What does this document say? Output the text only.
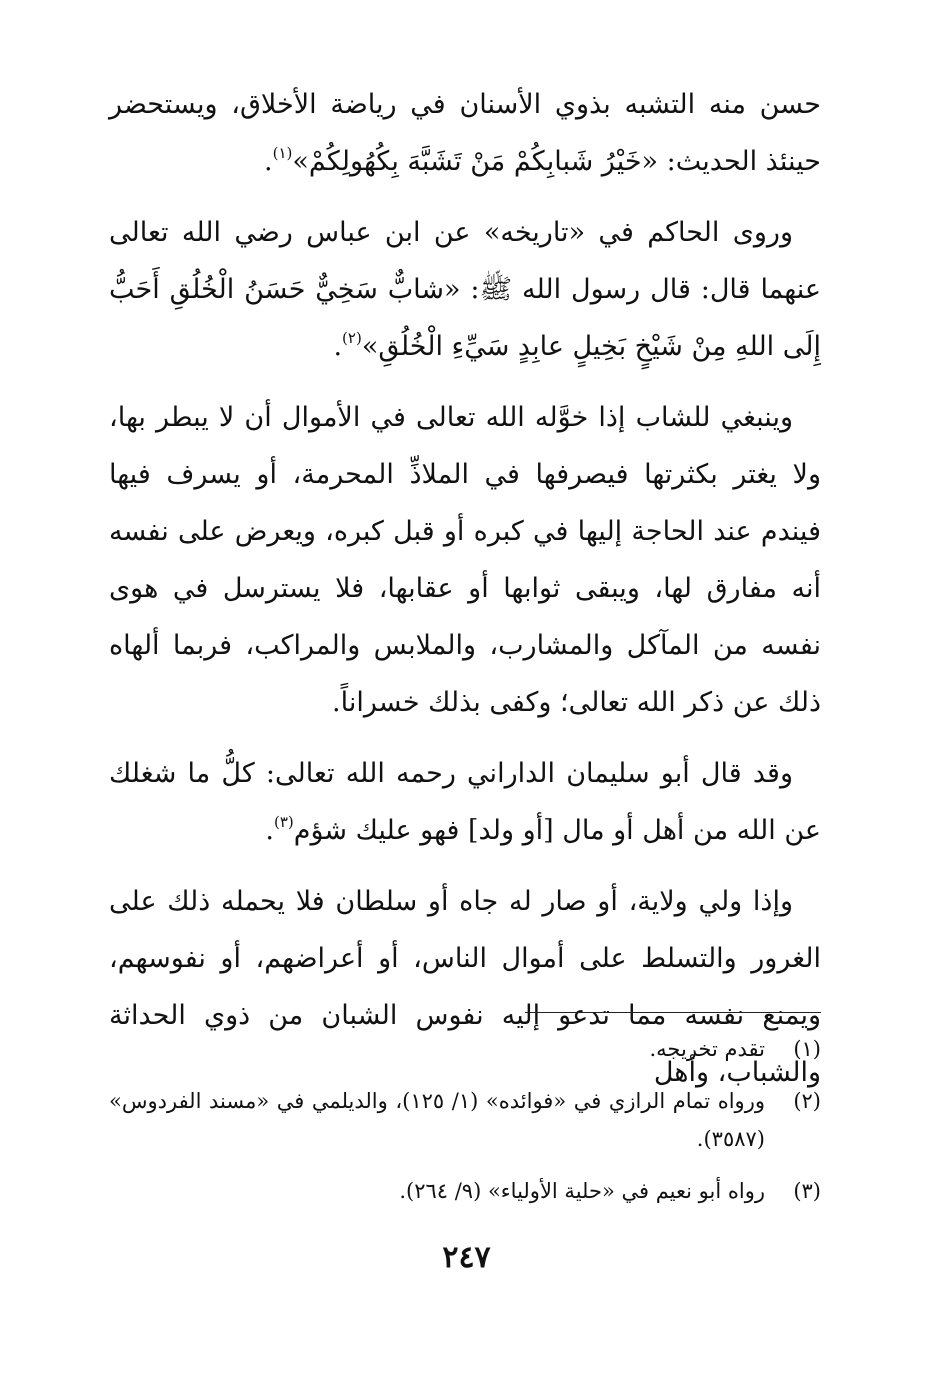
حسن منه التشبه بذوي الأسنان في رياضة الأخلاق، ويستحضر حينئذ الحديث: «خَيْرُ شَبابِكُمْ مَنْ تَشَبَّهَ بِكُهُولِكُمْ»$^{(١)}$.

وروى الحاكم في «تاريخه» عن ابن عباس رضي الله تعالى عنهما قال: قال رسول الله ﷺ: «شابٌّ سَخِيٌّ حَسَنُ الْخُلُقِ أَحَبُّ إِلَى اللهِ مِنْ شَيْخٍ بَخِيلٍ عابِدٍ سَيِّءِ الْخُلُقِ»$^{(٢)}$.

وينبغي للشاب إذا خوَّله الله تعالى في الأموال أن لا يبطر بها، ولا يغتر بكثرتها فيصرفها في الملاذِّ المحرمة، أو يسرف فيها فيندم عند الحاجة إليها في كبره أو قبل كبره، ويعرض على نفسه أنه مفارق لها، ويبقى ثوابها أو عقابها، فلا يسترسل في هوى نفسه من المآكل والمشارب، والملابس والمراكب، فربما ألهاه ذلك عن ذكر الله تعالى؛ وكفى بذلك خسراناً.

وقد قال أبو سليمان الداراني رحمه الله تعالى: كلُّ ما شغلك عن الله من أهل أو مال [أو ولد] فهو عليك شؤم$^{(٣)}$.

وإذا ولي ولاية، أو صار له جاه أو سلطان فلا يحمله ذلك على الغرور والتسلط على أموال الناس، أو أعراضهم، أو نفوسهم، ويمنع نفسه مما تدعو إليه نفوس الشبان من ذوي الحداثة والشباب، وأهل

(١)
تقدم تخريجه.
(٢)
ورواه تمام الرازي في «فوائده» (١/ ١٢٥)، والديلمي في «مسند الفردوس» (٣٥٨٧).
(٣)
رواه أبو نعيم في «حلية الأولياء» (٩/ ٢٦٤).
٢٤٧
